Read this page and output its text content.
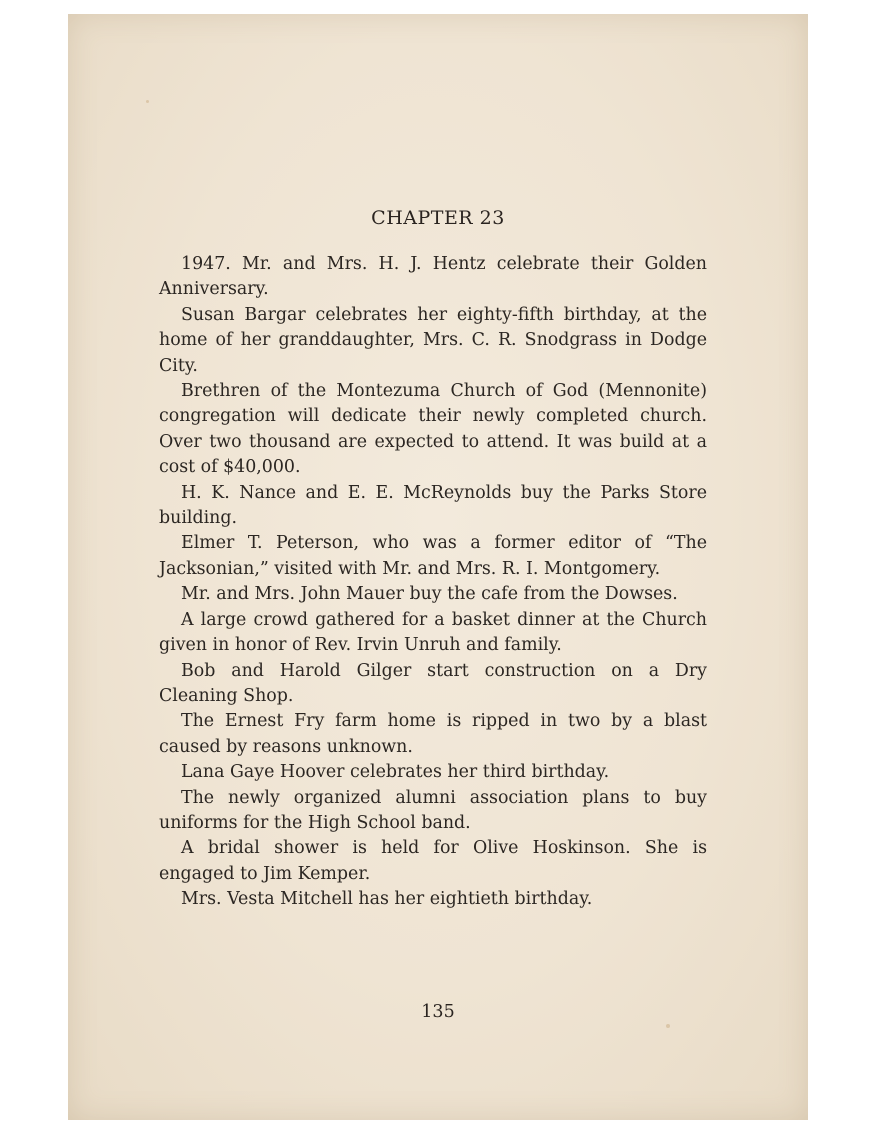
CHAPTER 23

1947. Mr. and Mrs. H. J. Hentz celebrate their Golden Anniversary.

Susan Bargar celebrates her eighty-fifth birthday, at the home of her granddaughter, Mrs. C. R. Snodgrass in Dodge City.

Brethren of the Montezuma Church of God (Mennonite) congregation will dedicate their newly completed church. Over two thousand are expected to attend. It was build at a cost of $40,000.

H. K. Nance and E. E. McReynolds buy the Parks Store building.

Elmer T. Peterson, who was a former editor of “The Jacksonian,” visited with Mr. and Mrs. R. I. Montgomery.

Mr. and Mrs. John Mauer buy the cafe from the Dowses.

A large crowd gathered for a basket dinner at the Church given in honor of Rev. Irvin Unruh and family.

Bob and Harold Gilger start construction on a Dry Cleaning Shop.

The Ernest Fry farm home is ripped in two by a blast caused by reasons unknown.

Lana Gaye Hoover celebrates her third birthday.

The newly organized alumni association plans to buy uniforms for the High School band.

A bridal shower is held for Olive Hoskinson. She is engaged to Jim Kemper.

Mrs. Vesta Mitchell has her eightieth birthday.

135
